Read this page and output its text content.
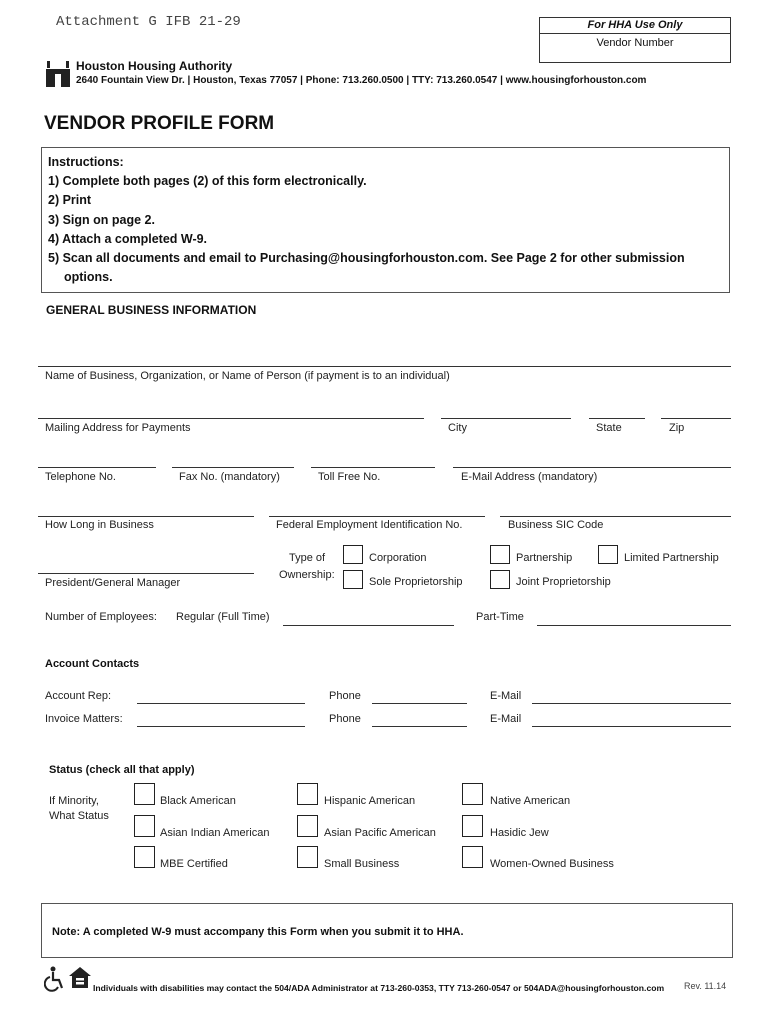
Attachment G IFB 21-29	For HHA Use Only
Vendor Number
Houston Housing Authority
2640 Fountain View Dr. | Houston, Texas 77057 | Phone: 713.260.0500 | TTY: 713.260.0547 | www.housingforhouston.com
VENDOR PROFILE FORM
Instructions:
1) Complete both pages (2) of this form electronically.
2) Print
3) Sign on page 2.
4) Attach a completed W-9.
5) Scan all documents and email to Purchasing@housingforhouston.com. See Page 2 for other submission
options.
GENERAL BUSINESS INFORMATION
Name of Business, Organization, or Name of Person (if payment is to an individual)
Mailing Address for Payments	City	State	Zip
Telephone No.	Fax No. (mandatory)	Toll Free No.	E-Mail Address (mandatory)
How Long in Business	Federal Employment Identification No.	Business SIC Code
Type of
Ownership:
Corporation
Sole Proprietorship
Partnership
Joint Proprietorship
Limited Partnership
President/General Manager
Number of Employees: Regular (Full Time)	Part-Time
Account Contacts
Account Rep:	Phone	E-Mail
Invoice Matters:	Phone	E-Mail
Status (check all that apply)
If Minority,
What Status
Black American	Hispanic American	Native American
Asian Indian American	Asian Pacific American	Hasidic Jew
MBE Certified	Small Business	Women-Owned Business
Note: A completed W-9 must accompany this Form when you submit it to HHA.
Individuals with disabilities may contact the 504/ADA Administrator at 713-260-0353, TTY 713-260-0547 or 504ADA@housingforhouston.com Rev. 11.14
